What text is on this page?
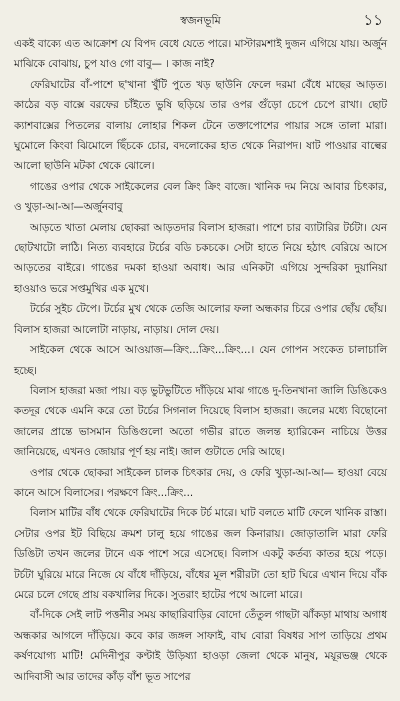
স্বজনভূমি	১১

একই বাক্যে এত আক্রোশ যে বিপদ বেধে যেতে পারে। মাস্টারমশাই দুজন এগিয়ে যায়। অর্জুন মাঝিকে বোঝায়, চুপ যাও গো বাবু— । কাজ নাই?

ফেরিঘাটের বাঁ-পাশে ছ'খানা খুঁটি পুতে খড় ছাউনি ফেলে দরমা বেঁধে মাছের আড়ত। কাঠের বড় বাক্সে বরফের চাঁইতে ভুষি ছড়িয়ে তার ওপর গুঁড়ো চেপে চেপে রাখা। ছোট ক্যাশবাক্সের পিতলের বালায় লোহার শিকল টেনে তক্তাপোশের পায়ার সঙ্গে তালা মারা। ঘুমোলে কিংবা ঝিমোলে ছিঁচকে চোর, বদলোকের হাত থেকে নিরাপদ। ষাট পাওয়ার বাল্বের আলো ছাউনি মটকা থেকে ঝোলে।

গাঙের ওপার থেকে সাইকেলের বেল ক্রিং ক্রিং বাজে। খানিক দম নিয়ে আবার চিৎকার, ও খুড়া-আ-আ—অর্জুনবাবু

আড়তে খাতা মেলায় ছোকরা আড়তদার বিলাস হাজরা। পাশে চার ব্যাটারির টর্চটা। যেন ছোটখাটো লাঠি। নিত্য ব্যবহারে টর্চের বডি চকচকে। সেটা হাতে নিয়ে হঠাৎ বেরিয়ে আসে আড়তের বাইরে। গাঙের দমকা হাওয়া অবাধ। আর এনিকটা এগিয়ে সুন্দরিকা দুয়ানিয়া হাওয়াও ভরে সপ্তমুখির এক মুখে।

টর্চের সুইচ টেপে। টর্চের মুখ থেকে তেজি আলোর ফলা অন্ধকার চিরে ওপার ছোঁয় ছোঁয়। বিলাস হাজরা আলোটা নাড়ায়, নাড়ায়। দোল দেয়।

সাইকেল থেকে আসে আওয়াজ—ক্রিং...ক্রিং...ক্রিং...। যেন গোপন সংকেত চালাচালি হচ্ছে।

বিলাস হাজরা মজা পায়। বড় ভুটভুটিতে দাঁড়িয়ে মাঝ গাঙে দু-তিনখানা জালি ডিঙিকেও কতদূর থেকে এমনি করে তো টর্চের সিগনাল দিয়েছে বিলাস হাজরা। জলের মধ্যে বিছোনো জালের প্রান্তে ভাসমান ডিঙিগুলো অতো গভীর রাতে জলন্ত হ্যারিকেন নাচিয়ে উত্তর জানিয়েছে, এখনও জোয়ার পূর্ণ হয় নাই। জাল গুটাতে দেরি আছে।

ওপার থেকে ছোকরা সাইকেল চালক চিৎকার দেয়, ও ফেরি খুড়া-আ-আ— হাওয়া বেয়ে কানে আসে বিলাসের। পরক্ষণে ক্রিং...ক্রিং...

বিলাস মাটির বাঁধ থেকে ফেরিঘাটের দিকে টর্চ মারে। ঘাট বলতে মাটি ফেলে খানিক রাস্তা। সেটার ওপর ইট বিছিয়ে ক্রমশ ঢালু হয়ে গাঙের জল কিনারায়। জোড়াতালি মারা ফেরি ডিঙিটা তখন জলের টানে এক পাশে সরে এসেছে। বিলাস একটু কর্তব্য কাতর হয়ে পড়ে। টর্চটা ঘুরিয়ে মারে নিজে যে বাঁধে দাঁড়িয়ে, বাঁধের মূল শরীরটা তো হাট ঘিরে এখান দিয়ে বাঁক মেরে চলে গেছে প্রায় বকখালির দিকে। সুতরাং হাটের পথে আলো মারে।

বাঁ-দিকে সেই লাট পত্তনীর সময় কাছারিবাড়ির বোদো তেঁতুল গাছটা ঝাঁকড়া মাথায় অগাধ অন্ধকার আগলে দাঁড়িয়ে। কবে কার জঙ্গল সাফাই, বাঘ বোরা বিষধর সাপ তাড়িয়ে প্রথম কর্ষণযোগ্য মাটি! মেদিনীপুর কণ্টাই উড়িষ্যা হাওড়া জেলা থেকে মানুষ, ময়ূরভঞ্জ থেকে আদিবাসী আর তাদের কাঁড় বাঁশ ভূত সাপের
